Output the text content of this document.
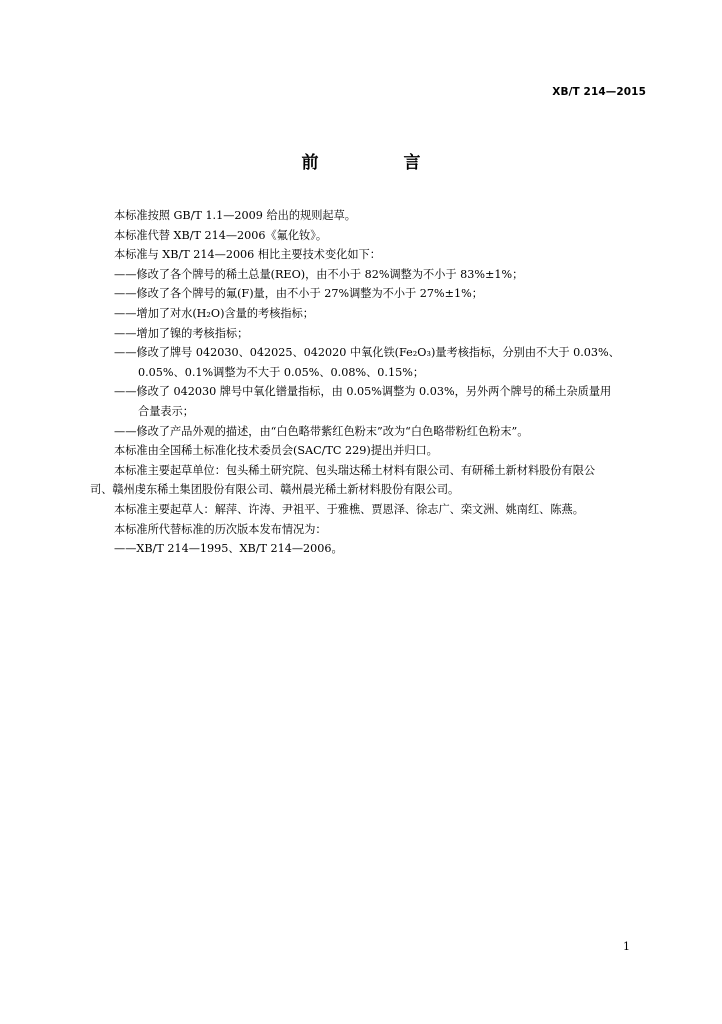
XB/T 214—2015
前　言

本标准按照 GB/T 1.1—2009 给出的规则起草。

本标准代替 XB/T 214—2006《氟化钕》。

本标准与 XB/T 214—2006 相比主要技术变化如下：

——修改了各个牌号的稀土总量(REO)，由不小于 82%调整为不小于 83%±1%；

——修改了各个牌号的氟(F)量，由不小于 27%调整为不小于 27%±1%；

——增加了对水(H₂O)含量的考核指标；

——增加了镍的考核指标；

——修改了牌号 042030、042025、042020 中氧化铁(Fe₂O₃)量考核指标，分别由不大于 0.03%、

0.05%、0.1%调整为不大于 0.05%、0.08%、0.15%；

——修改了 042030 牌号中氧化镨量指标，由 0.05%调整为 0.03%，另外两个牌号的稀土杂质量用

合量表示；

——修改了产品外观的描述，由“白色略带紫红色粉末”改为“白色略带粉红色粉末”。

本标准由全国稀土标准化技术委员会(SAC/TC 229)提出并归口。

本标准主要起草单位：包头稀土研究院、包头瑞达稀土材料有限公司、有研稀土新材料股份有限公

司、赣州虔东稀土集团股份有限公司、赣州晨光稀土新材料股份有限公司。

本标准主要起草人：解萍、许涛、尹祖平、于雅樵、贾恩泽、徐志广、栾文洲、姚南红、陈燕。

本标准所代替标准的历次版本发布情况为：

——XB/T 214—1995、XB/T 214—2006。

1
